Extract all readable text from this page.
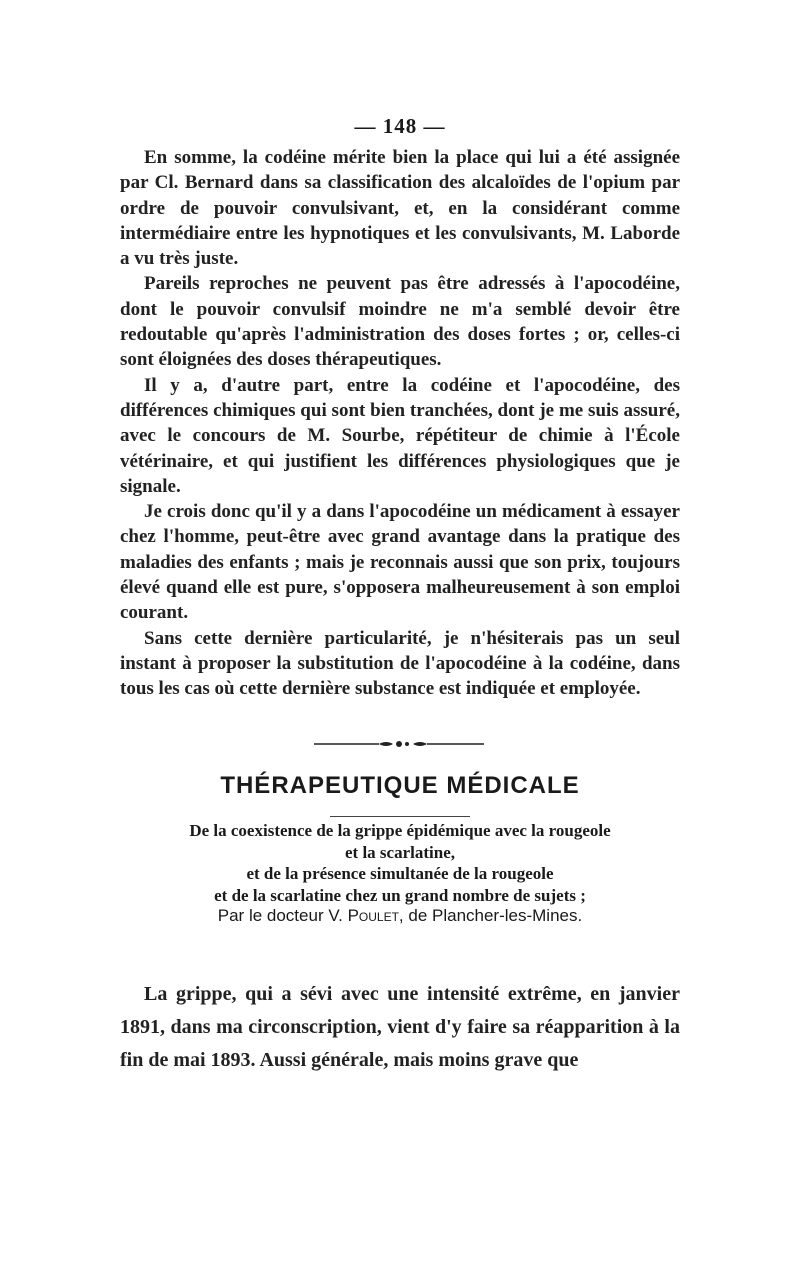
— 148 —

En somme, la codéine mérite bien la place qui lui a été assignée par Cl. Bernard dans sa classification des alcaloïdes de l'opium par ordre de pouvoir convulsivant, et, en la considérant comme intermédiaire entre les hypnotiques et les convulsivants, M. Laborde a vu très juste.

Pareils reproches ne peuvent pas être adressés à l'apocodéine, dont le pouvoir convulsif moindre ne m'a semblé devoir être redoutable qu'après l'administration des doses fortes ; or, celles-ci sont éloignées des doses thérapeutiques.

Il y a, d'autre part, entre la codéine et l'apocodéine, des différences chimiques qui sont bien tranchées, dont je me suis assuré, avec le concours de M. Sourbe, répétiteur de chimie à l'École vétérinaire, et qui justifient les différences physiologiques que je signale.

Je crois donc qu'il y a dans l'apocodéine un médicament à essayer chez l'homme, peut-être avec grand avantage dans la pratique des maladies des enfants ; mais je reconnais aussi que son prix, toujours élevé quand elle est pure, s'opposera malheureusement à son emploi courant.

Sans cette dernière particularité, je n'hésiterais pas un seul instant à proposer la substitution de l'apocodéine à la codéine, dans tous les cas où cette dernière substance est indiquée et employée.

THÉRAPEUTIQUE MÉDICALE
De la coexistence de la grippe épidémique avec la rougeole
et la scarlatine,
et de la présence simultanée de la rougeole
et de la scarlatine chez un grand nombre de sujets ;
Par le docteur V. Poulet, de Plancher-les-Mines.

La grippe, qui a sévi avec une intensité extrême, en janvier 1891, dans ma circonscription, vient d'y faire sa réapparition à la fin de mai 1893. Aussi générale, mais moins grave que
